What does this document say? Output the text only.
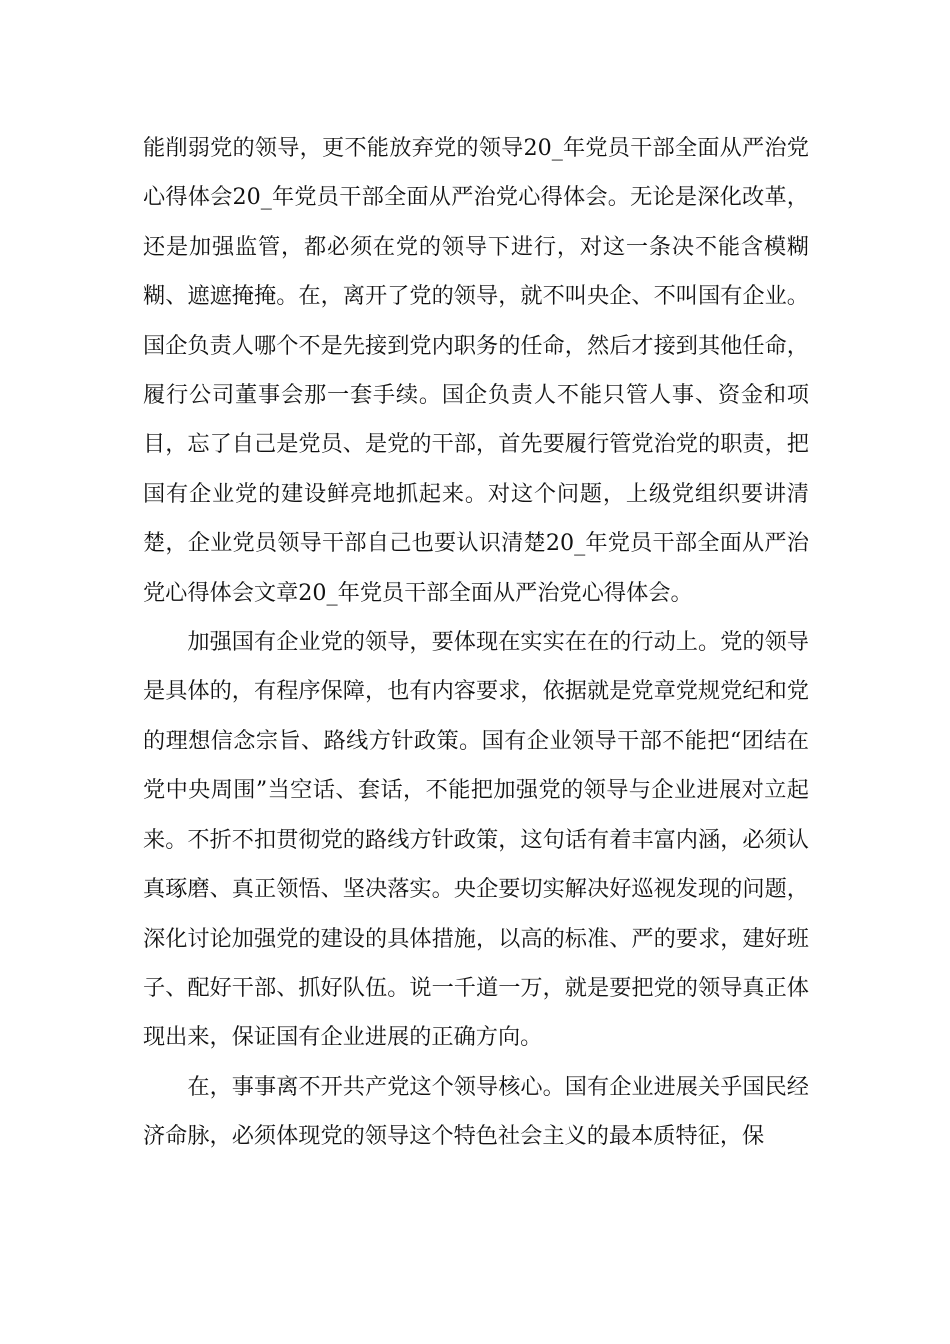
能削弱党的领导，更不能放弃党的领导20_年党员干部全面从严治党心得体会20_年党员干部全面从严治党心得体会。无论是深化改革，还是加强监管，都必须在党的领导下进行，对这一条决不能含模糊糊、遮遮掩掩。在，离开了党的领导，就不叫央企、不叫国有企业。国企负责人哪个不是先接到党内职务的任命，然后才接到其他任命，履行公司董事会那一套手续。国企负责人不能只管人事、资金和项目，忘了自己是党员、是党的干部，首先要履行管党治党的职责，把国有企业党的建设鲜亮地抓起来。对这个问题，上级党组织要讲清楚，企业党员领导干部自己也要认识清楚20_年党员干部全面从严治党心得体会文章20_年党员干部全面从严治党心得体会。

加强国有企业党的领导，要体现在实实在在的行动上。党的领导是具体的，有程序保障，也有内容要求，依据就是党章党规党纪和党的理想信念宗旨、路线方针政策。国有企业领导干部不能把“团结在党中央周围”当空话、套话，不能把加强党的领导与企业进展对立起来。不折不扣贯彻党的路线方针政策，这句话有着丰富内涵，必须认真琢磨、真正领悟、坚决落实。央企要切实解决好巡视发现的问题，深化讨论加强党的建设的具体措施，以高的标准、严的要求，建好班子、配好干部、抓好队伍。说一千道一万，就是要把党的领导真正体现出来，保证国有企业进展的正确方向。

在，事事离不开共产党这个领导核心。国有企业进展关乎国民经济命脉，必须体现党的领导这个特色社会主义的最本质特征，保
